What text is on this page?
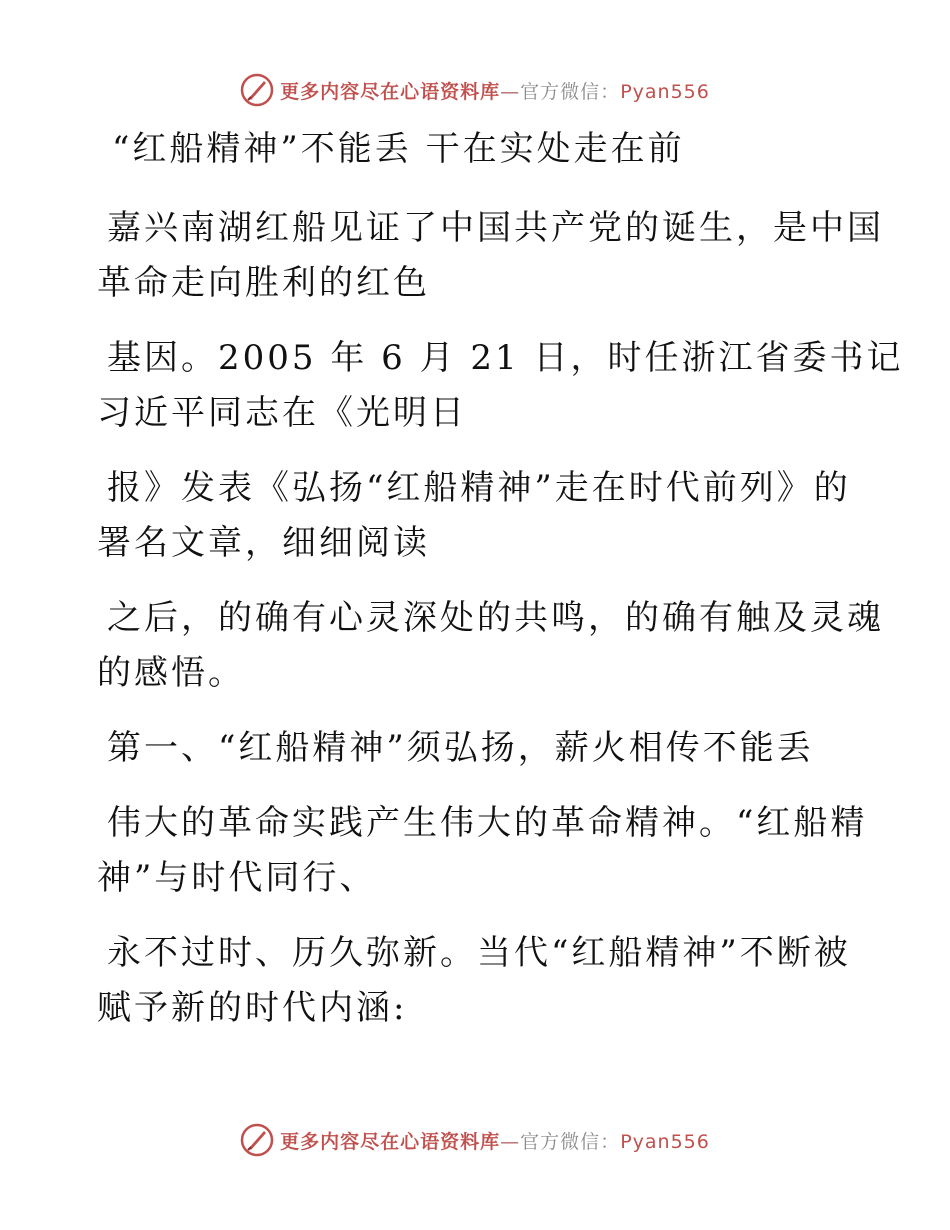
更多内容尽在心语资料库—官方微信：Pyan556
“红船精神”不能丢 干在实处走在前
嘉兴南湖红船见证了中国共产党的诞生，是中国
革命走向胜利的红色
基因。2005 年 6 月 21 日，时任浙江省委书记
习近平同志在《光明日
报》发表《弘扬“红船精神”走在时代前列》的
署名文章，细细阅读
之后，的确有心灵深处的共鸣，的确有触及灵魂
的感悟。
第一、“红船精神”须弘扬，薪火相传不能丢
伟大的革命实践产生伟大的革命精神。“红船精
神”与时代同行、
永不过时、历久弥新。当代“红船精神”不断被
赋予新的时代内涵:
更多内容尽在心语资料库—官方微信：Pyan556
